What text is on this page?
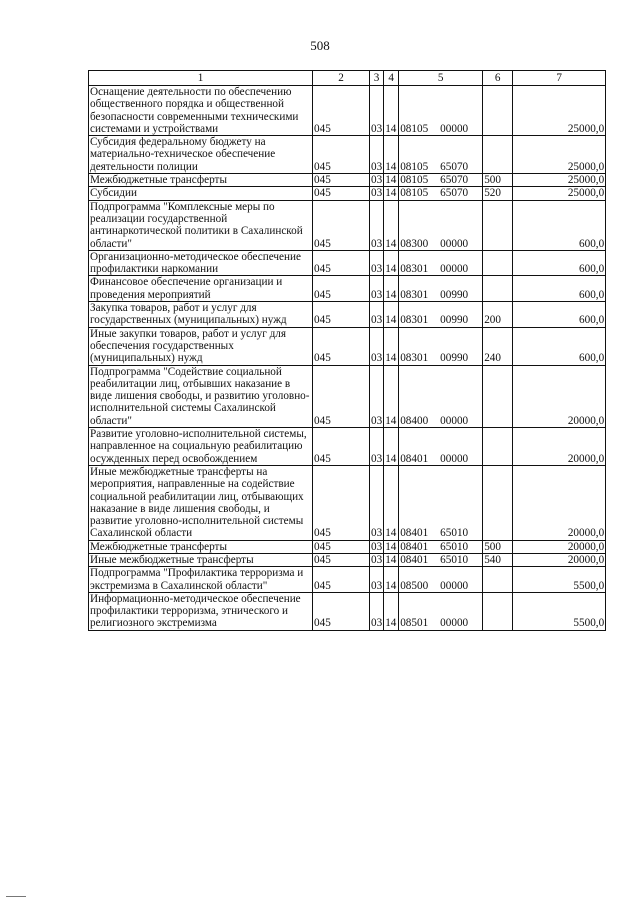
508
1	2	3	4	5	6	7
Оснащение деятельности по обеспечению общественного порядка и общественной безопасности современными техническими системами и устройствами	045	03	14	08105 00000		25000,0
Субсидия федеральному бюджету на материально-техническое обеспечение деятельности полиции	045	03	14	08105 65070		25000,0
Межбюджетные трансферты	045	03	14	08105 65070	500	25000,0
Субсидии	045	03	14	08105 65070	520	25000,0
Подпрограмма "Комплексные меры по реализации государственной антинаркотической политики в Сахалинской области"	045	03	14	08300 00000		600,0
Организационно-методическое обеспечение профилактики наркомании	045	03	14	08301 00000		600,0
Финансовое обеспечение организации и проведения мероприятий	045	03	14	08301 00990		600,0
Закупка товаров, работ и услуг для государственных (муниципальных) нужд	045	03	14	08301 00990	200	600,0
Иные закупки товаров, работ и услуг для обеспечения государственных (муниципальных) нужд	045	03	14	08301 00990	240	600,0
Подпрограмма "Содействие социальной реабилитации лиц, отбывших наказание в виде лишения свободы, и развитию уголовно-исполнительной системы Сахалинской области"	045	03	14	08400 00000		20000,0
Развитие уголовно-исполнительной системы, направленное на социальную реабилитацию осужденных перед освобождением	045	03	14	08401 00000		20000,0
Иные межбюджетные трансферты на мероприятия, направленные на содействие социальной реабилитации лиц, отбывающих наказание в виде лишения свободы, и развитие уголовно-исполнительной системы Сахалинской области	045	03	14	08401 65010		20000,0
Межбюджетные трансферты	045	03	14	08401 65010	500	20000,0
Иные межбюджетные трансферты	045	03	14	08401 65010	540	20000,0
Подпрограмма "Профилактика терроризма и экстремизма в Сахалинской области"	045	03	14	08500 00000		5500,0
Информационно-методическое обеспечение профилактики терроризма, этнического и религиозного экстремизма	045	03	14	08501 00000		5500,0
